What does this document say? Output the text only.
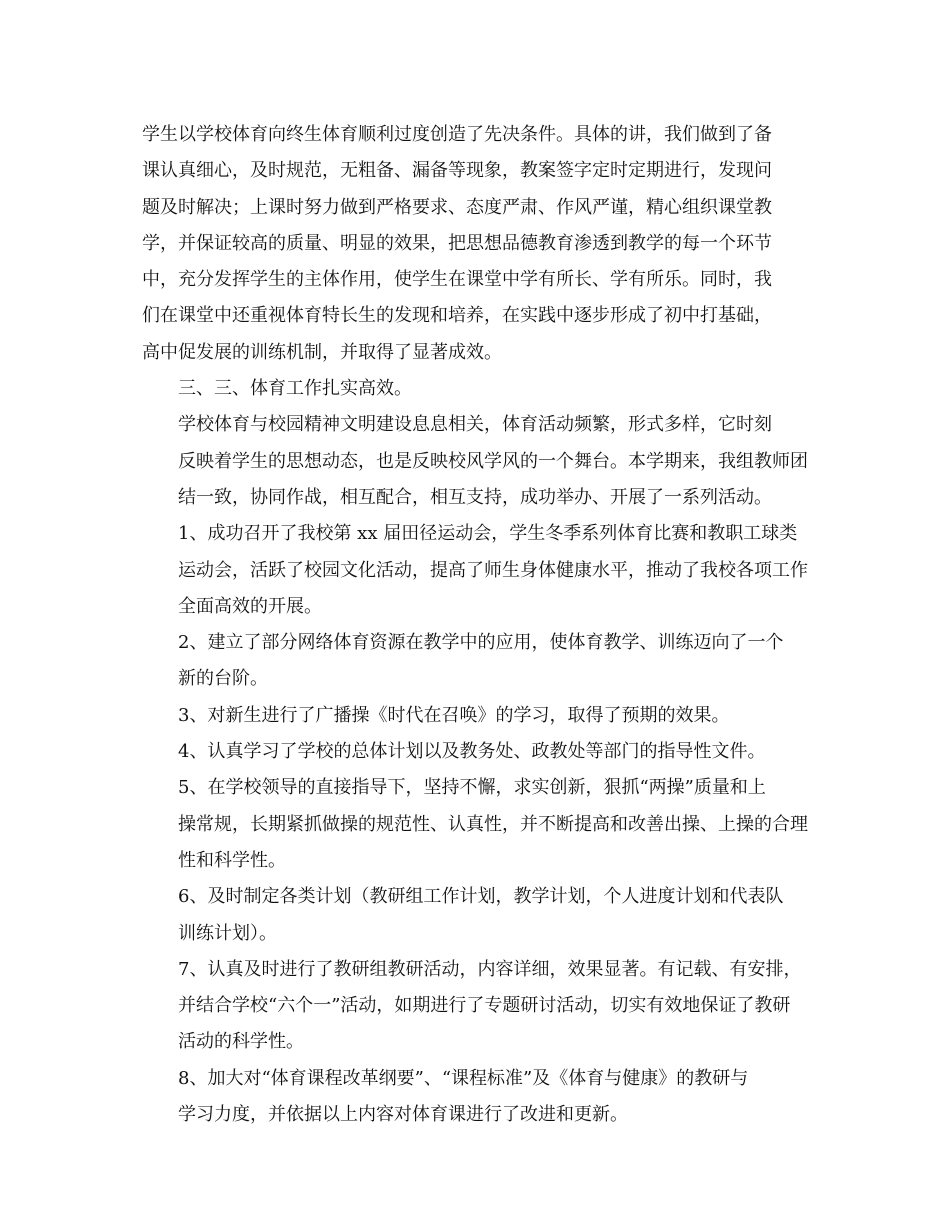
学生以学校体育向终生体育顺利过度创造了先决条件。具体的讲，我们做到了备
课认真细心，及时规范，无粗备、漏备等现象，教案签字定时定期进行，发现问
题及时解决；上课时努力做到严格要求、态度严肃、作风严谨，精心组织课堂教
学，并保证较高的质量、明显的效果，把思想品德教育渗透到教学的每一个环节
中，充分发挥学生的主体作用，使学生在课堂中学有所长、学有所乐。同时，我
们在课堂中还重视体育特长生的发现和培养，在实践中逐步形成了初中打基础，
高中促发展的训练机制，并取得了显著成效。

三、三、体育工作扎实高效。

学校体育与校园精神文明建设息息相关，体育活动频繁，形式多样，它时刻
反映着学生的思想动态，也是反映校风学风的一个舞台。本学期来，我组教师团
结一致，协同作战，相互配合，相互支持，成功举办、开展了一系列活动。

1、成功召开了我校第 xx 届田径运动会，学生冬季系列体育比赛和教职工球类
运动会，活跃了校园文化活动，提高了师生身体健康水平，推动了我校各项工作
全面高效的开展。

2、建立了部分网络体育资源在教学中的应用，使体育教学、训练迈向了一个
新的台阶。

3、对新生进行了广播操《时代在召唤》的学习，取得了预期的效果。

4、认真学习了学校的总体计划以及教务处、政教处等部门的指导性文件。

5、在学校领导的直接指导下，坚持不懈，求实创新，狠抓“两操”质量和上
操常规，长期紧抓做操的规范性、认真性，并不断提高和改善出操、上操的合理
性和科学性。

6、及时制定各类计划（教研组工作计划，教学计划，个人进度计划和代表队
训练计划）。

7、认真及时进行了教研组教研活动，内容详细，效果显著。有记载、有安排，
并结合学校“六个一”活动，如期进行了专题研讨活动，切实有效地保证了教研
活动的科学性。

8、加大对“体育课程改革纲要”、“课程标准”及《体育与健康》的教研与
学习力度，并依据以上内容对体育课进行了改进和更新。
